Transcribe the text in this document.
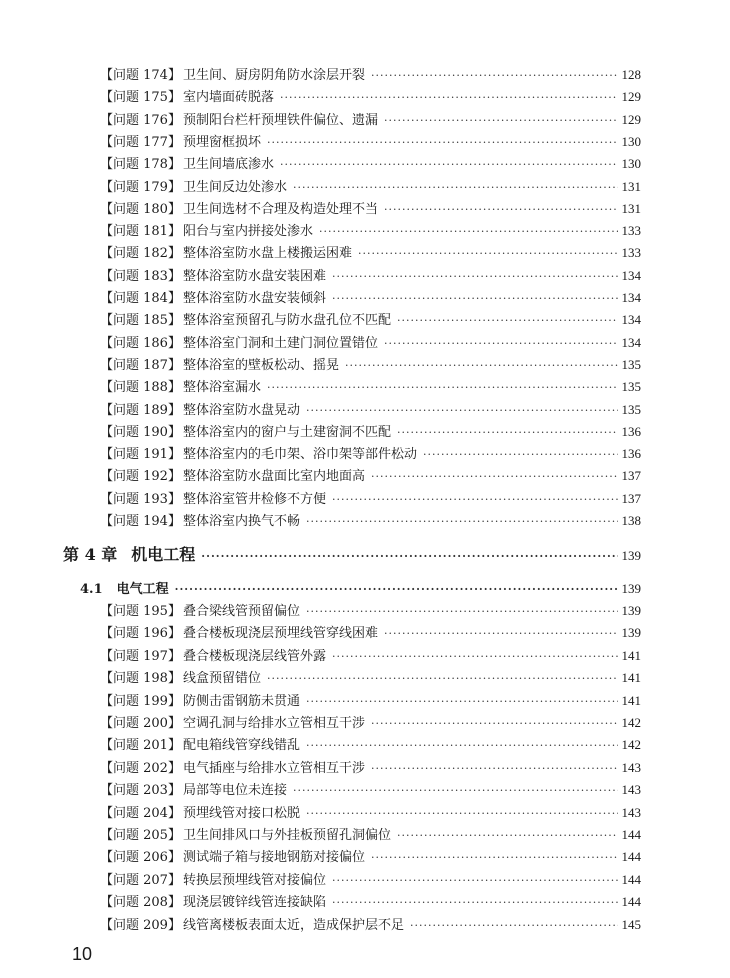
【问题 174】 卫生间、厨房阴角防水涂层开裂 ·····	128
【问题 175】 室内墙面砖脱落 ·····	129
【问题 176】 预制阳台栏杆预埋铁件偏位、遗漏 ·····	129
【问题 177】 预埋窗框损坏 ·····	130
【问题 178】 卫生间墙底渗水 ·····	130
【问题 179】 卫生间反边处渗水 ·····	131
【问题 180】 卫生间选材不合理及构造处理不当 ·····	131
【问题 181】 阳台与室内拼接处渗水 ·····	133
【问题 182】 整体浴室防水盘上楼搬运困难 ·····	133
【问题 183】 整体浴室防水盘安装困难 ·····	134
【问题 184】 整体浴室防水盘安装倾斜 ·····	134
【问题 185】 整体浴室预留孔与防水盘孔位不匹配 ·····	134
【问题 186】 整体浴室门洞和土建门洞位置错位 ·····	134
【问题 187】 整体浴室的壁板松动、摇晃 ·····	135
【问题 188】 整体浴室漏水 ·····	135
【问题 189】 整体浴室防水盘晃动 ·····	135
【问题 190】 整体浴室内的窗户与土建窗洞不匹配 ·····	136
【问题 191】 整体浴室内的毛巾架、浴巾架等部件松动 ·····	136
【问题 192】 整体浴室防水盘面比室内地面高 ·····	137
【问题 193】 整体浴室管井检修不方便 ·····	137
【问题 194】 整体浴室内换气不畅 ·····	138
第 4 章 机电工程 ·····	139
4.1 电气工程 ·····	139
【问题 195】 叠合梁线管预留偏位 ·····	139
【问题 196】 叠合楼板现浇层预埋线管穿线困难 ·····	139
【问题 197】 叠合楼板现浇层线管外露 ·····	141
【问题 198】 线盒预留错位 ·····	141
【问题 199】 防侧击雷钢筋未贯通 ·····	141
【问题 200】 空调孔洞与给排水立管相互干涉 ·····	142
【问题 201】 配电箱线管穿线错乱 ·····	142
【问题 202】 电气插座与给排水立管相互干涉 ·····	143
【问题 203】 局部等电位未连接 ·····	143
【问题 204】 预埋线管对接口松脱 ·····	143
【问题 205】 卫生间排风口与外挂板预留孔洞偏位 ·····	144
【问题 206】 测试端子箱与接地钢筋对接偏位 ·····	144
【问题 207】 转换层预埋线管对接偏位 ·····	144
【问题 208】 现浇层镀锌线管连接缺陷 ·····	144
【问题 209】 线管离楼板表面太近，造成保护层不足 ·····	145
10
